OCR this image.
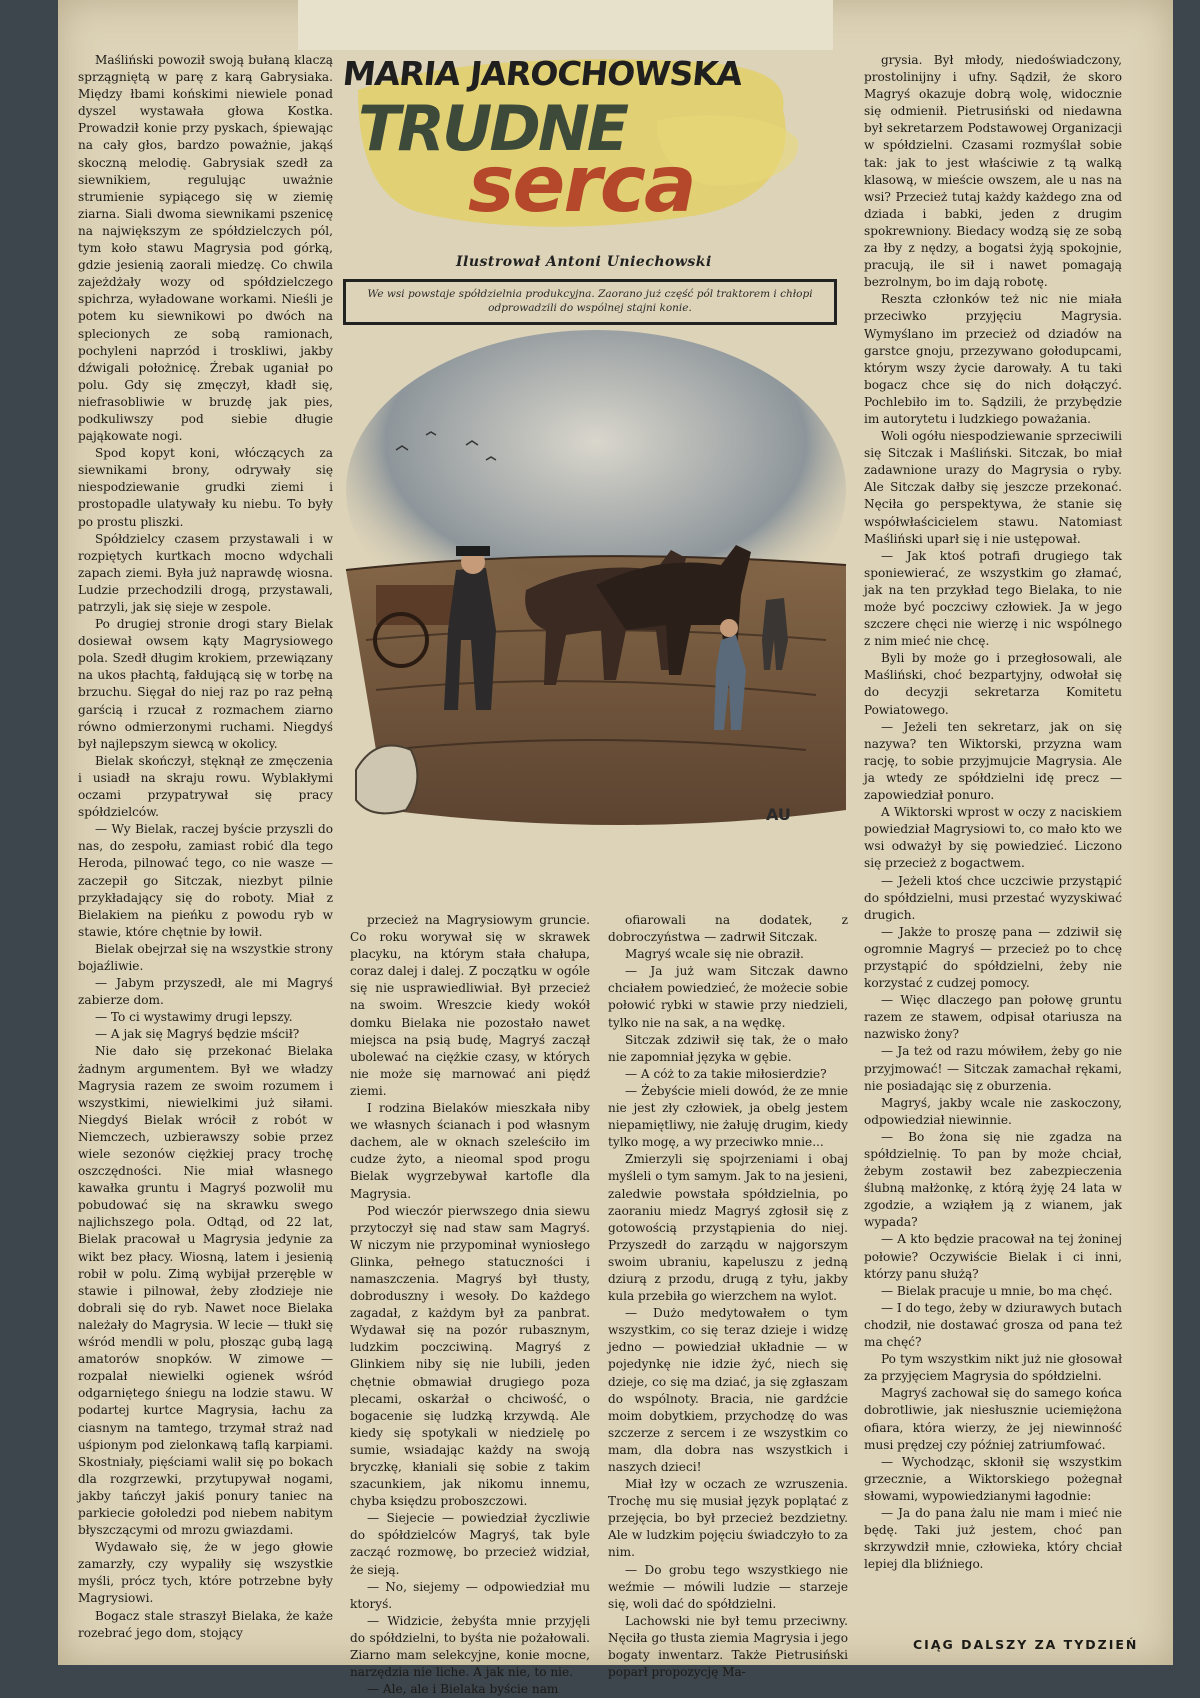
MARIA JAROCHOWSKA
TRUDNE
serca
Ilustrował Antoni Uniechowski
We wsi powstaje spółdzielnia produkcyjna. Zaorano już część pól traktorem i chłopi odprowadzili do wspólnej stajni konie.
AU

Maśliński powoził swoją bułaną klaczą sprzągniętą w parę z karą Gabrysiaka. Między łbami końskimi niewiele ponad dyszel wystawała głowa Kostka. Prowadził konie przy pyskach, śpiewając na cały głos, bardzo poważnie, jakąś skoczną melodię. Gabrysiak szedł za siewnikiem, regulując uważnie strumienie sypiącego się w ziemię ziarna. Siali dwoma siewnikami pszenicę na największym ze spółdzielczych pól, tym koło stawu Magrysia pod górką, gdzie jesienią zaorali miedzę. Co chwila zajeżdżały wozy od spółdzielczego spichrza, wyładowane workami. Nieśli je potem ku siewnikowi po dwóch na splecionych ze sobą ramionach, pochyleni naprzód i troskliwi, jakby dźwigali położnicę. Źrebak uganiał po polu. Gdy się zmęczył, kładł się, niefrasobliwie w bruzdę jak pies, podkuliwszy pod siebie długie pająkowate nogi.

Spod kopyt koni, włóczących za siewnikami brony, odrywały się niespodziewanie grudki ziemi i prostopadle ulatywały ku niebu. To były po prostu pliszki.

Spółdzielcy czasem przystawali i w rozpiętych kurtkach mocno wdychali zapach ziemi. Była już naprawdę wiosna. Ludzie przechodzili drogą, przystawali, patrzyli, jak się sieje w zespole.

Po drugiej stronie drogi stary Bielak dosiewał owsem kąty Magrysiowego pola. Szedł długim krokiem, przewiązany na ukos płachtą, fałdującą się w torbę na brzuchu. Sięgał do niej raz po raz pełną garścią i rzucał z rozmachem ziarno równo odmierzonymi ruchami. Niegdyś był najlepszym siewcą w okolicy.

Bielak skończył, stęknął ze zmęczenia i usiadł na skraju rowu. Wyblakłymi oczami przypatrywał się pracy spółdzielców.

— Wy Bielak, raczej byście przyszli do nas, do zespołu, zamiast robić dla tego Heroda, pilnować tego, co nie wasze — zaczepił go Sitczak, niezbyt pilnie przykładający się do roboty. Miał z Bielakiem na pieńku z powodu ryb w stawie, które chętnie by łowił.

Bielak obejrzał się na wszystkie strony bojaźliwie.

— Jabym przyszedł, ale mi Magryś zabierze dom.

— To ci wystawimy drugi lepszy.

— A jak się Magryś będzie mścił?

Nie dało się przekonać Bielaka żadnym argumentem. Był we władzy Magrysia razem ze swoim rozumem i wszystkimi, niewielkimi już siłami. Niegdyś Bielak wrócił z robót w Niemczech, uzbierawszy sobie przez wiele sezonów ciężkiej pracy trochę oszczędności. Nie miał własnego kawałka gruntu i Magryś pozwolił mu pobudować się na skrawku swego najlichszego pola. Odtąd, od 22 lat, Bielak pracował u Magrysia jedynie za wikt bez płacy. Wiosną, latem i jesienią robił w polu. Zimą wybijał przeręble w stawie i pilnował, żeby złodzieje nie dobrali się do ryb. Nawet noce Bielaka należały do Magrysia. W lecie — tłukł się wśród mendli w polu, płosząc gubą lagą amatorów snopków. W zimowe — rozpalał niewielki ogienek wśród odgarniętego śniegu na lodzie stawu. W podartej kurtce Magrysia, łachu za ciasnym na tamtego, trzymał straż nad uśpionym pod zielonkawą taflą karpiami. Skostniały, pięściami walił się po bokach dla rozgrzewki, przytupywał nogami, jakby tańczył jakiś ponury taniec na parkiecie gołoledzi pod niebem nabitym błyszczącymi od mrozu gwiazdami.

Wydawało się, że w jego głowie zamarzły, czy wypaliły się wszystkie myśli, prócz tych, które potrzebne były Magrysiowi.

Bogacz stale straszył Bielaka, że każe rozebrać jego dom, stojący

przecież na Magrysiowym gruncie. Co roku worywał się w skrawek placyku, na którym stała chałupa, coraz dalej i dalej. Z początku w ogóle się nie usprawiedliwiał. Był przecież na swoim. Wreszcie kiedy wokół domku Bielaka nie pozostało nawet miejsca na psią budę, Magryś zaczął ubolewać na ciężkie czasy, w których nie może się marnować ani piędź ziemi.

I rodzina Bielaków mieszkała niby we własnych ścianach i pod własnym dachem, ale w oknach szeleściło im cudze żyto, a nieomal spod progu Bielak wygrzebywał kartofle dla Magrysia.

Pod wieczór pierwszego dnia siewu przytoczył się nad staw sam Magryś. W niczym nie przypominał wyniosłego Glinka, pełnego statuczności i namaszczenia. Magryś był tłusty, dobroduszny i wesoły. Do każdego zagadał, z każdym był za panbrat. Wydawał się na pozór rubasznym, ludzkim poczciwiną. Magryś z Glinkiem niby się nie lubili, jeden chętnie obmawiał drugiego poza plecami, oskarżał o chciwość, o bogacenie się ludzką krzywdą. Ale kiedy się spotykali w niedzielę po sumie, wsiadając każdy na swoją bryczkę, kłaniali się sobie z takim szacunkiem, jak nikomu innemu, chyba księdzu proboszczowi.

— Siejecie — powiedział życzliwie do spółdzielców Magryś, tak byle zacząć rozmowę, bo przecież widział, że sieją.

— No, siejemy — odpowiedział mu ktoryś.

— Widzicie, żebyśta mnie przyjęli do spółdzielni, to byśta nie pożałowali. Ziarno mam selekcyjne, konie mocne, narzędzia nie liche. A jak nie, to nie.

— Ale, ale i Bielaka byście nam

ofiarowali na dodatek, z dobroczyństwa — zadrwił Sitczak.

Magryś wcale się nie obraził.

— Ja już wam Sitczak dawno chciałem powiedzieć, że możecie sobie połowić rybki w stawie przy niedzieli, tylko nie na sak, a na wędkę.

Sitczak zdziwił się tak, że o mało nie zapomniał języka w gębie.

— A cóż to za takie miłosierdzie?

— Żebyście mieli dowód, że ze mnie nie jest zły człowiek, ja obelg jestem niepamiętliwy, nie żałuję drugim, kiedy tylko mogę, a wy przeciwko mnie...

Zmierzyli się spojrzeniami i obaj myśleli o tym samym. Jak to na jesieni, zaledwie powstała spółdzielnia, po zaoraniu miedz Magryś zgłosił się z gotowością przystąpienia do niej. Przyszedł do zarządu w najgorszym swoim ubraniu, kapeluszu z jedną dziurą z przodu, drugą z tyłu, jakby kula przebiła go wierzchem na wylot.

— Dużo medytowałem o tym wszystkim, co się teraz dzieje i widzę jedno — powiedział układnie — w pojedynkę nie idzie żyć, niech się dzieje, co się ma dziać, ja się zgłaszam do wspólnoty. Bracia, nie gardźcie moim dobytkiem, przychodzę do was szczerze z sercem i ze wszystkim co mam, dla dobra nas wszystkich i naszych dzieci!

Miał łzy w oczach ze wzruszenia. Trochę mu się musiał język poplątać z przejęcia, bo był przecież bezdzietny. Ale w ludzkim pojęciu świadczyło to za nim.

— Do grobu tego wszystkiego nie weźmie — mówili ludzie — starzeje się, woli dać do spółdzielni.

Lachowski nie był temu przeciwny. Nęciła go tłusta ziemia Magrysia i jego bogaty inwentarz. Także Pietrusiński poparł propozycję Ma-

grysia. Był młody, niedoświadczony, prostolinijny i ufny. Sądził, że skoro Magryś okazuje dobrą wolę, widocznie się odmienił. Pietrusiński od niedawna był sekretarzem Podstawowej Organizacji w spółdzielni. Czasami rozmyślał sobie tak: jak to jest właściwie z tą walką klasową, w mieście owszem, ale u nas na wsi? Przecież tutaj każdy każdego zna od dziada i babki, jeden z drugim spokrewniony. Biedacy wodzą się ze sobą za łby z nędzy, a bogatsi żyją spokojnie, pracują, ile sił i nawet pomagają bezrolnym, bo im dają robotę.

Reszta członków też nic nie miała przeciwko przyjęciu Magrysia. Wymyślano im przecież od dziadów na garstce gnoju, przezywano gołodupcami, którym wszy życie darowały. A tu taki bogacz chce się do nich dołączyć. Pochlebiło im to. Sądzili, że przybędzie im autorytetu i ludzkiego poważania.

Woli ogółu niespodziewanie sprzeciwili się Sitczak i Maśliński. Sitczak, bo miał zadawnione urazy do Magrysia o ryby. Ale Sitczak dałby się jeszcze przekonać. Nęciła go perspektywa, że stanie się współwłaścicielem stawu. Natomiast Maśliński uparł się i nie ustępował.

— Jak ktoś potrafi drugiego tak sponiewierać, ze wszystkim go złamać, jak na ten przykład tego Bielaka, to nie może być poczciwy człowiek. Ja w jego szczere chęci nie wierzę i nic wspólnego z nim mieć nie chcę.

Byli by może go i przegłosowali, ale Maśliński, choć bezpartyjny, odwołał się do decyzji sekretarza Komitetu Powiatowego.

— Jeżeli ten sekretarz, jak on się nazywa? ten Wiktorski, przyzna wam rację, to sobie przyjmujcie Magrysia. Ale ja wtedy ze spółdzielni idę precz — zapowiedział ponuro.

A Wiktorski wprost w oczy z naciskiem powiedział Magrysiowi to, co mało kto we wsi odważył by się powiedzieć. Liczono się przecież z bogactwem.

— Jeżeli ktoś chce uczciwie przystąpić do spółdzielni, musi przestać wyzyskiwać drugich.

— Jakże to proszę pana — zdziwił się ogromnie Magryś — przecież po to chcę przystąpić do spółdzielni, żeby nie korzystać z cudzej pomocy.

— Więc dlaczego pan połowę gruntu razem ze stawem, odpisał otariusza na nazwisko żony?

— Ja też od razu mówiłem, żeby go nie przyjmować! — Sitczak zamachał rękami, nie posiadając się z oburzenia.

Magryś, jakby wcale nie zaskoczony, odpowiedział niewinnie.

— Bo żona się nie zgadza na spółdzielnię. To pan by może chciał, żebym zostawił bez zabezpieczenia ślubną małżonkę, z którą żyję 24 lata w zgodzie, a wziąłem ją z wianem, jak wypada?

— A kto będzie pracował na tej żoninej połowie? Oczywiście Bielak i ci inni, którzy panu służą?

— Bielak pracuje u mnie, bo ma chęć.

— I do tego, żeby w dziurawych butach chodził, nie dostawać grosza od pana też ma chęć?

Po tym wszystkim nikt już nie głosował za przyjęciem Magrysia do spółdzielni.

Magryś zachował się do samego końca dobrotliwie, jak niesłusznie uciemiężona ofiara, która wierzy, że jej niewinność musi prędzej czy później zatriumfować.

— Wychodząc, skłonił się wszystkim grzecznie, a Wiktorskiego pożegnał słowami, wypowiedzianymi łagodnie:

— Ja do pana żalu nie mam i mieć nie będę. Taki już jestem, choć pan skrzywdził mnie, człowieka, który chciał lepiej dla bliźniego.

CIĄG DALSZY ZA TYDZIEŃ
